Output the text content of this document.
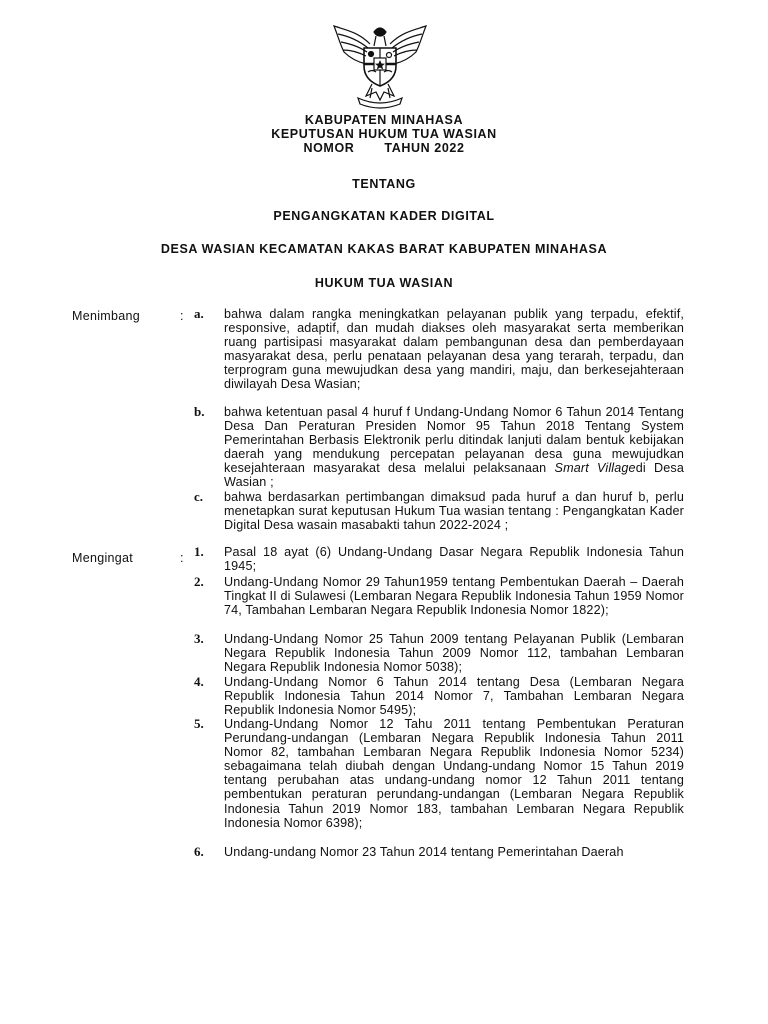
KABUPATEN MINAHASA
KEPUTUSAN HUKUM TUA WASIAN
NOMOR TAHUN 2022
TENTANG
PENGANGKATAN KADER DIGITAL
DESA WASIAN KECAMATAN KAKAS BARAT KABUPATEN MINAHASA
HUKUM TUA WASIAN
Menimbang	: a.	bahwa dalam rangka meningkatkan pelayanan publik yang terpadu, efektif, responsive, adaptif, dan mudah diakses oleh masyarakat serta memberikan ruang partisipasi masyarakat dalam pembangunan desa dan pemberdayaan masyarakat desa, perlu penataan pelayanan desa yang terarah, terpadu, dan terprogram guna mewujudkan desa yang mandiri, maju, dan berkesejahteraan diwilayah Desa Wasian;
b.	bahwa ketentuan pasal 4 huruf f Undang-Undang Nomor 6 Tahun 2014 Tentang Desa Dan Peraturan Presiden Nomor 95 Tahun 2018 Tentang System Pemerintahan Berbasis Elektronik perlu ditindak lanjuti dalam bentuk kebijakan daerah yang mendukung percepatan pelayanan desa guna mewujudkan kesejahteraan masyarakat desa melalui pelaksanaan Smart Villagedi Desa Wasian ;
c.	bahwa berdasarkan pertimbangan dimaksud pada huruf a dan huruf b, perlu menetapkan surat keputusan Hukum Tua wasian tentang : Pengangkatan Kader Digital Desa wasain masabakti tahun 2022-2024 ;
Mengingat	: 1.	Pasal 18 ayat (6) Undang-Undang Dasar Negara Republik Indonesia Tahun 1945;
2.	Undang-Undang Nomor 29 Tahun1959 tentang Pembentukan Daerah – Daerah Tingkat II di Sulawesi (Lembaran Negara Republik Indonesia Tahun 1959 Nomor 74, Tambahan Lembaran Negara Republik Indonesia Nomor 1822);
3.	Undang-Undang Nomor 25 Tahun 2009 tentang Pelayanan Publik (Lembaran Negara Republik Indonesia Tahun 2009 Nomor 112, tambahan Lembaran Negara Republik Indonesia Nomor 5038);
4.	Undang-Undang Nomor 6 Tahun 2014 tentang Desa (Lembaran Negara Republik Indonesia Tahun 2014 Nomor 7, Tambahan Lembaran Negara Republik Indonesia Nomor 5495);
5.	Undang-Undang Nomor 12 Tahu 2011 tentang Pembentukan Peraturan Perundang-undangan (Lembaran Negara Republik Indonesia Tahun 2011 Nomor 82, tambahan Lembaran Negara Republik Indonesia Nomor 5234) sebagaimana telah diubah dengan Undang-undang Nomor 15 Tahun 2019 tentang perubahan atas undang-undang nomor 12 Tahun 2011 tentang pembentukan peraturan perundang-undangan (Lembaran Negara Republik Indonesia Tahun 2019 Nomor 183, tambahan Lembaran Negara Republik Indonesia Nomor 6398);
6.	Undang-undang Nomor 23 Tahun 2014 tentang Pemerintahan Daerah
